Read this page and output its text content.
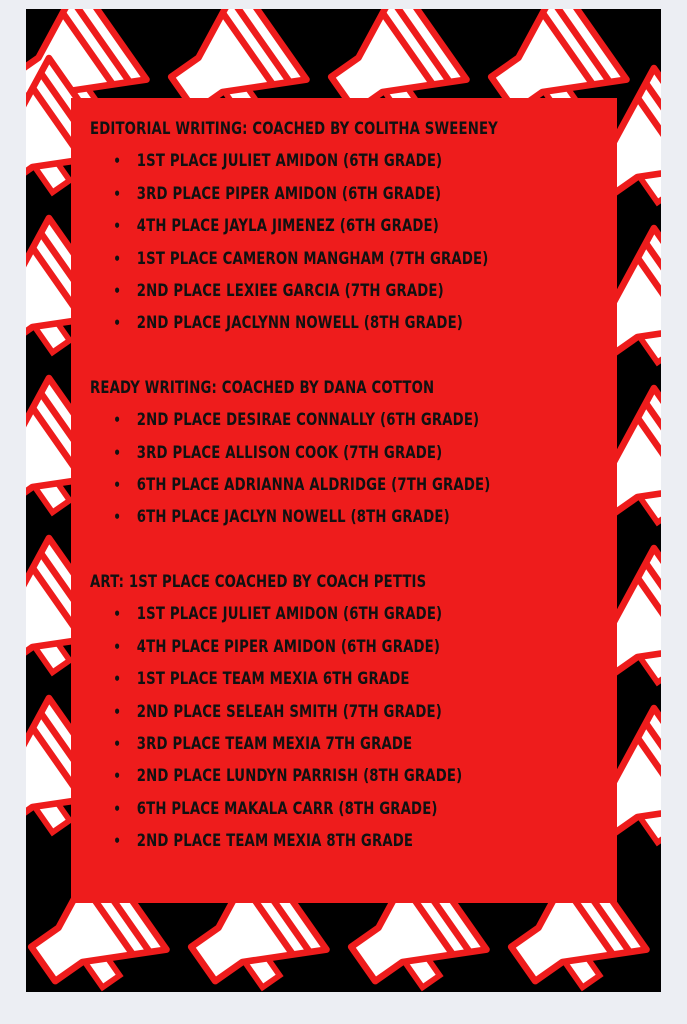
EDITORIAL WRITING: COACHED BY COLITHA SWEENEY
• 1ST PLACE JULIET AMIDON (6TH GRADE)
• 3RD PLACE PIPER AMIDON (6TH GRADE)
• 4TH PLACE JAYLA JIMENEZ (6TH GRADE)
• 1ST PLACE CAMERON MANGHAM (7TH GRADE)
• 2ND PLACE LEXIEE GARCIA (7TH GRADE)
• 2ND PLACE JACLYNN NOWELL (8TH GRADE)
READY WRITING: COACHED BY DANA COTTON
• 2ND PLACE DESIRAE CONNALLY (6TH GRADE)
• 3RD PLACE ALLISON COOK (7TH GRADE)
• 6TH PLACE ADRIANNA ALDRIDGE (7TH GRADE)
• 6TH PLACE JACLYN NOWELL (8TH GRADE)
ART: 1ST PLACE COACHED BY COACH PETTIS
• 1ST PLACE JULIET AMIDON (6TH GRADE)
• 4TH PLACE PIPER AMIDON (6TH GRADE)
• 1ST PLACE TEAM MEXIA 6TH GRADE
• 2ND PLACE SELEAH SMITH (7TH GRADE)
• 3RD PLACE TEAM MEXIA 7TH GRADE
• 2ND PLACE LUNDYN PARRISH (8TH GRADE)
• 6TH PLACE MAKALA CARR (8TH GRADE)
• 2ND PLACE TEAM MEXIA 8TH GRADE
